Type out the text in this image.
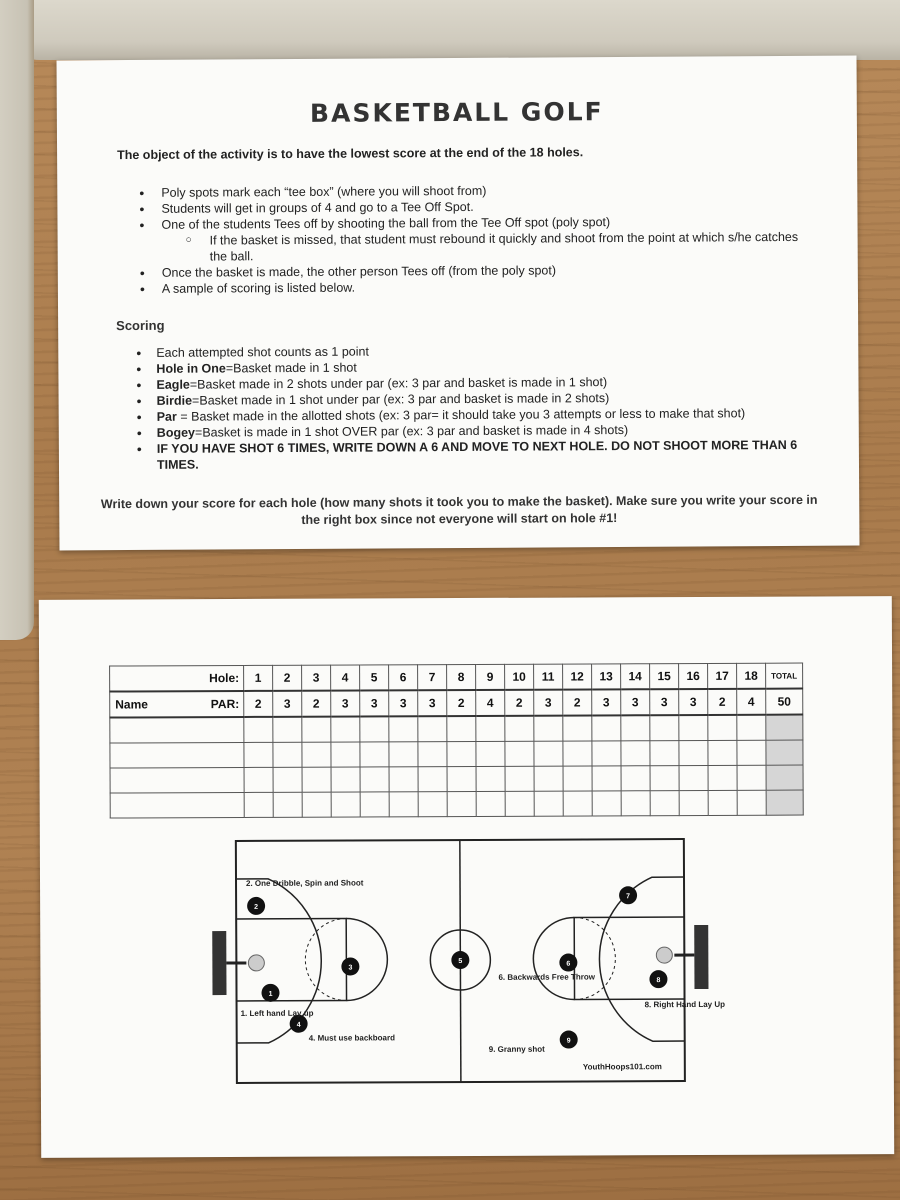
BASKETBALL GOLF
The object of the activity is to have the lowest score at the end of the 18 holes.
• Poly spots mark each “tee box” (where you will shoot from)
• Students will get in groups of 4 and go to a Tee Off Spot.
• One of the students Tees off by shooting the ball from the Tee Off spot (poly spot)
○ If the basket is missed, that student must rebound it quickly and shoot from the point at which s/he catches the ball.
• Once the basket is made, the other person Tees off (from the poly spot)
• A sample of scoring is listed below.
Scoring
• Each attempted shot counts as 1 point
• Hole in One=Basket made in 1 shot
• Eagle=Basket made in 2 shots under par (ex: 3 par and basket is made in 1 shot)
• Birdie=Basket made in 1 shot under par (ex: 3 par and basket is made in 2 shots)
• Par = Basket made in the allotted shots (ex: 3 par= it should take you 3 attempts or less to make that shot)
• Bogey=Basket is made in 1 shot OVER par (ex: 3 par and basket is made in 4 shots)
• IF YOU HAVE SHOT 6 TIMES, WRITE DOWN A 6 AND MOVE TO NEXT HOLE. DO NOT SHOOT MORE THAN 6 TIMES.
Write down your score for each hole (how many shots it took you to make the basket). Make sure you write your score in the right box since not everyone will start on hole #1!
Hole:	1	2	3	4	5	6	7	8	9	10	11	12	13	14	15	16	17	18	TOTAL

Name PAR:	2	3	2	3	3	3	3	2	4	2	3	2	3	3	3	3	2	4	50

1
2
3
4
5	6
7
8
9
2. One Dribble, Spin and Shoot
4. Must use backboard
6. Backwards Free Throw
9. Granny shot
1. Left hand Lay up
8. Right Hand Lay Up
YouthHoops101.com
